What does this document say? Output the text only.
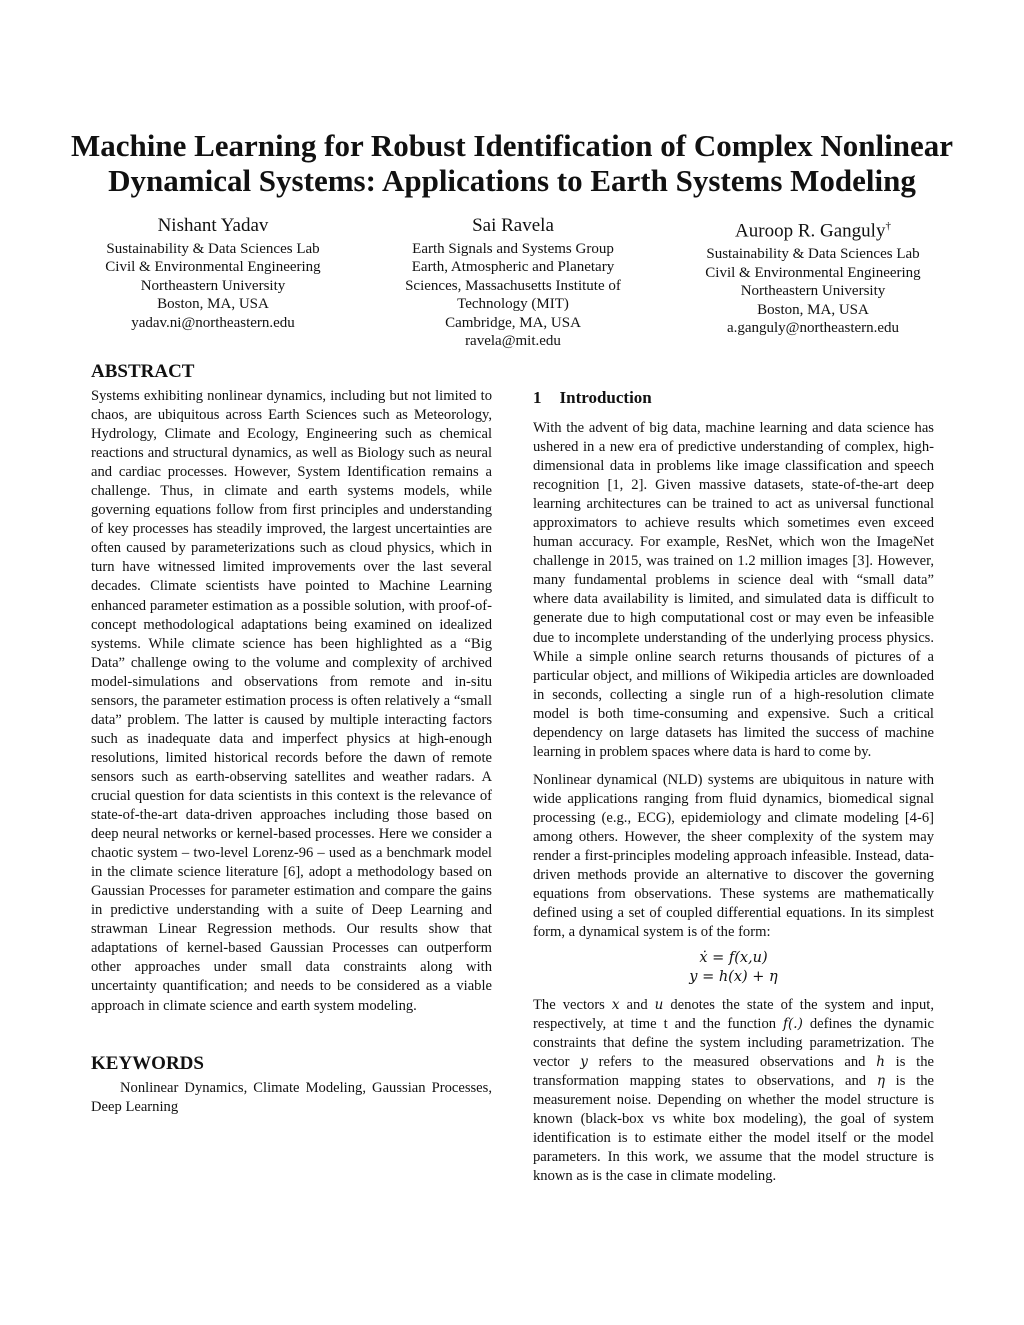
Machine Learning for Robust Identification of Complex Nonlinear
Dynamical Systems: Applications to Earth Systems Modeling
Nishant Yadav
Sustainability & Data Sciences Lab
Civil & Environmental Engineering
Northeastern University
Boston, MA, USA
yadav.ni@northeastern.edu
Sai Ravela
Earth Signals and Systems Group
Earth, Atmospheric and Planetary
Sciences, Massachusetts Institute of
Technology (MIT)
Cambridge, MA, USA
ravela@mit.edu
Auroop R. Ganguly†
Sustainability & Data Sciences Lab
Civil & Environmental Engineering
Northeastern University
Boston, MA, USA
a.ganguly@northeastern.edu
ABSTRACT

Systems exhibiting nonlinear dynamics, including but not limited to chaos, are ubiquitous across Earth Sciences such as Meteorology, Hydrology, Climate and Ecology, Engineering such as chemical reactions and structural dynamics, as well as Biology such as neural and cardiac processes. However, System Identification remains a challenge. Thus, in climate and earth systems models, while governing equations follow from first principles and understanding of key processes has steadily improved, the largest uncertainties are often caused by parameterizations such as cloud physics, which in turn have witnessed limited improvements over the last several decades. Climate scientists have pointed to Machine Learning enhanced parameter estimation as a possible solution, with proof-of-concept methodological adaptations being examined on idealized systems. While climate science has been highlighted as a “Big Data” challenge owing to the volume and complexity of archived model-simulations and observations from remote and in-situ sensors, the parameter estimation process is often relatively a “small data” problem. The latter is caused by multiple interacting factors such as inadequate data and imperfect physics at high-enough resolutions, limited historical records before the dawn of remote sensors such as earth-observing satellites and weather radars. A crucial question for data scientists in this context is the relevance of state-of-the-art data-driven approaches including those based on deep neural networks or kernel-based processes. Here we consider a chaotic system – two-level Lorenz-96 – used as a benchmark model in the climate science literature [6], adopt a methodology based on Gaussian Processes for parameter estimation and compare the gains in predictive understanding with a suite of Deep Learning and strawman Linear Regression methods. Our results show that adaptations of kernel-based Gaussian Processes can outperform other approaches under small data constraints along with uncertainty quantification; and needs to be considered as a viable approach in climate science and earth system modeling.

KEYWORDS

Nonlinear Dynamics, Climate Modeling, Gaussian Processes, Deep Learning

1 Introduction

With the advent of big data, machine learning and data science has ushered in a new era of predictive understanding of complex, high-dimensional data in problems like image classification and speech recognition [1, 2]. Given massive datasets, state-of-the-art deep learning architectures can be trained to act as universal functional approximators to achieve results which sometimes even exceed human accuracy. For example, ResNet, which won the ImageNet challenge in 2015, was trained on 1.2 million images [3]. However, many fundamental problems in science deal with “small data” where data availability is limited, and simulated data is difficult to generate due to high computational cost or may even be infeasible due to incomplete understanding of the underlying process physics. While a simple online search returns thousands of pictures of a particular object, and millions of Wikipedia articles are downloaded in seconds, collecting a single run of a high-resolution climate model is both time-consuming and expensive. Such a critical dependency on large datasets has limited the success of machine learning in problem spaces where data is hard to come by.

Nonlinear dynamical (NLD) systems are ubiquitous in nature with wide applications ranging from fluid dynamics, biomedical signal processing (e.g., ECG), epidemiology and climate modeling [4-6] among others. However, the sheer complexity of the system may render a first-principles modeling approach infeasible. Instead, data-driven methods provide an alternative to discover the governing equations from observations. These systems are mathematically defined using a set of coupled differential equations. In its simplest form, a dynamical system is of the form:

ẋ = f(x,u)
y = h(x) + η

The vectors x and u denotes the state of the system and input, respectively, at time t and the function f(.) defines the dynamic constraints that define the system including parametrization. The vector y refers to the measured observations and h is the transformation mapping states to observations, and η is the measurement noise. Depending on whether the model structure is known (black-box vs white box modeling), the goal of system identification is to estimate either the model itself or the model parameters. In this work, we assume that the model structure is known as is the case in climate modeling.
